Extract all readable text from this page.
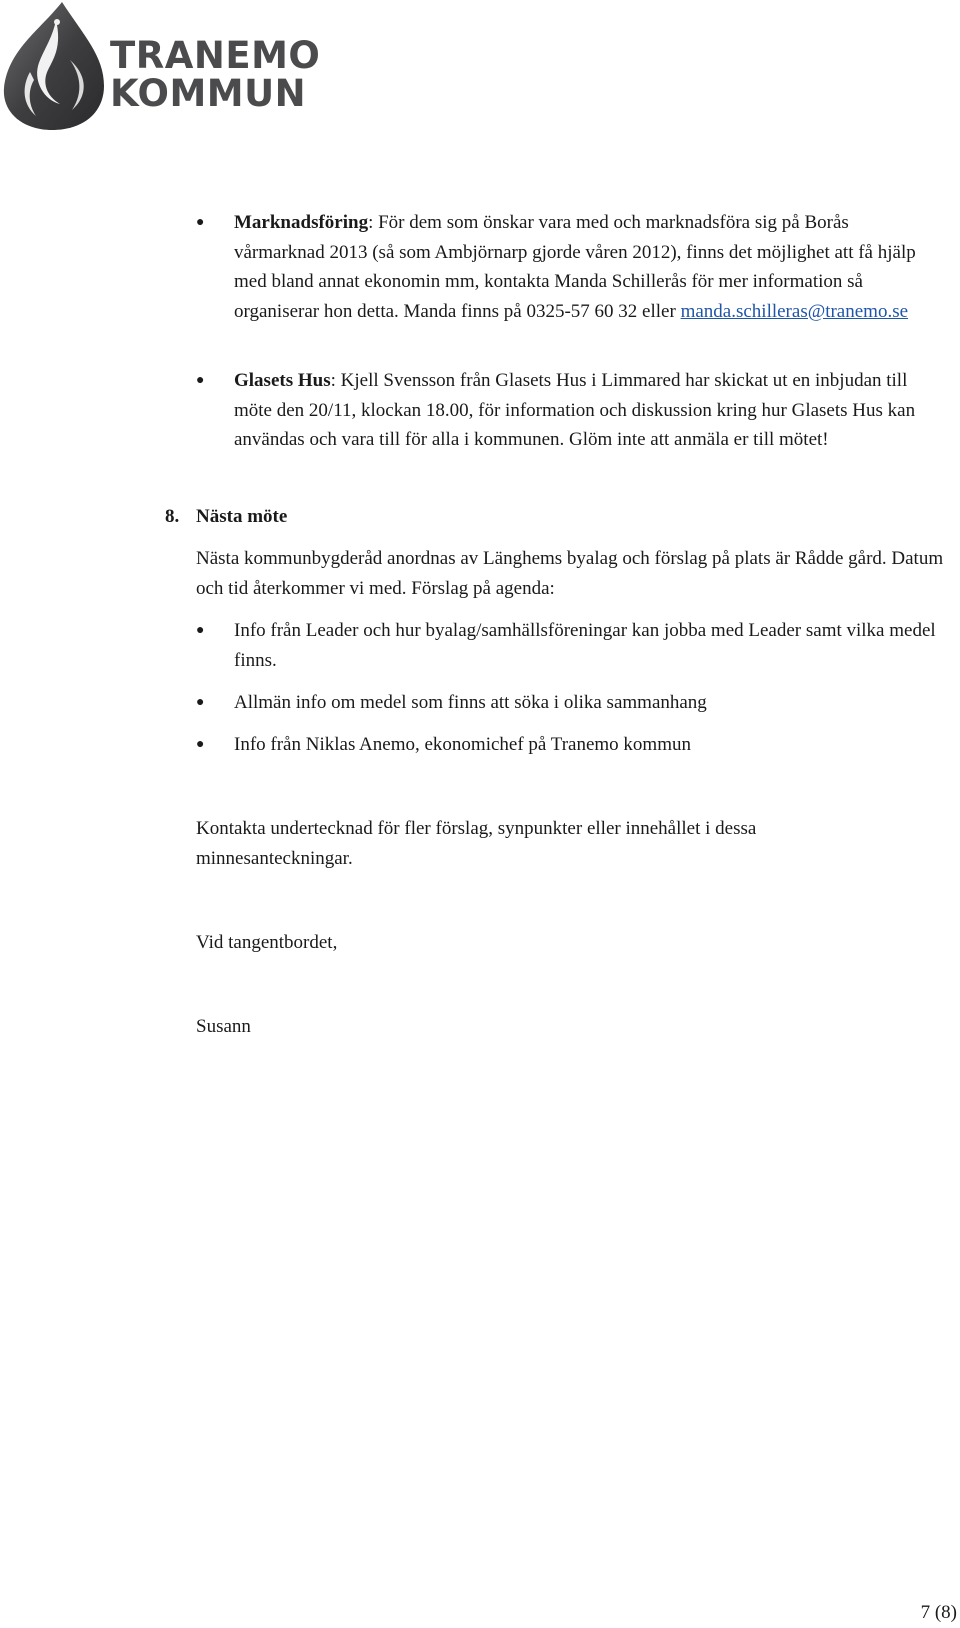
TRANEMO
KOMMUN
● Marknadsföring: För dem som önskar vara med och marknadsföra sig på Borås vårmarknad 2013 (så som Ambjörnarp gjorde våren 2012), finns det möjlighet att få hjälp med bland annat ekonomin mm, kontakta Manda Schillerås för mer information så organiserar hon detta. Manda finns på 0325-57 60 32 eller manda.schilleras@tranemo.se
● Glasets Hus: Kjell Svensson från Glasets Hus i Limmared har skickat ut en inbjudan till möte den 20/11, klockan 18.00, för information och diskussion kring hur Glasets Hus kan användas och vara till för alla i kommunen. Glöm inte att anmäla er till mötet!
8. Nästa möte
Nästa kommunbygderåd anordnas av Länghems byalag och förslag på plats är Rådde gård. Datum och tid återkommer vi med. Förslag på agenda:
● Info från Leader och hur byalag/samhällsföreningar kan jobba med Leader samt vilka medel finns.
● Allmän info om medel som finns att söka i olika sammanhang
● Info från Niklas Anemo, ekonomichef på Tranemo kommun
Kontakta undertecknad för fler förslag, synpunkter eller innehållet i dessa minnesanteckningar.
Vid tangentbordet,
Susann
7 (8)
